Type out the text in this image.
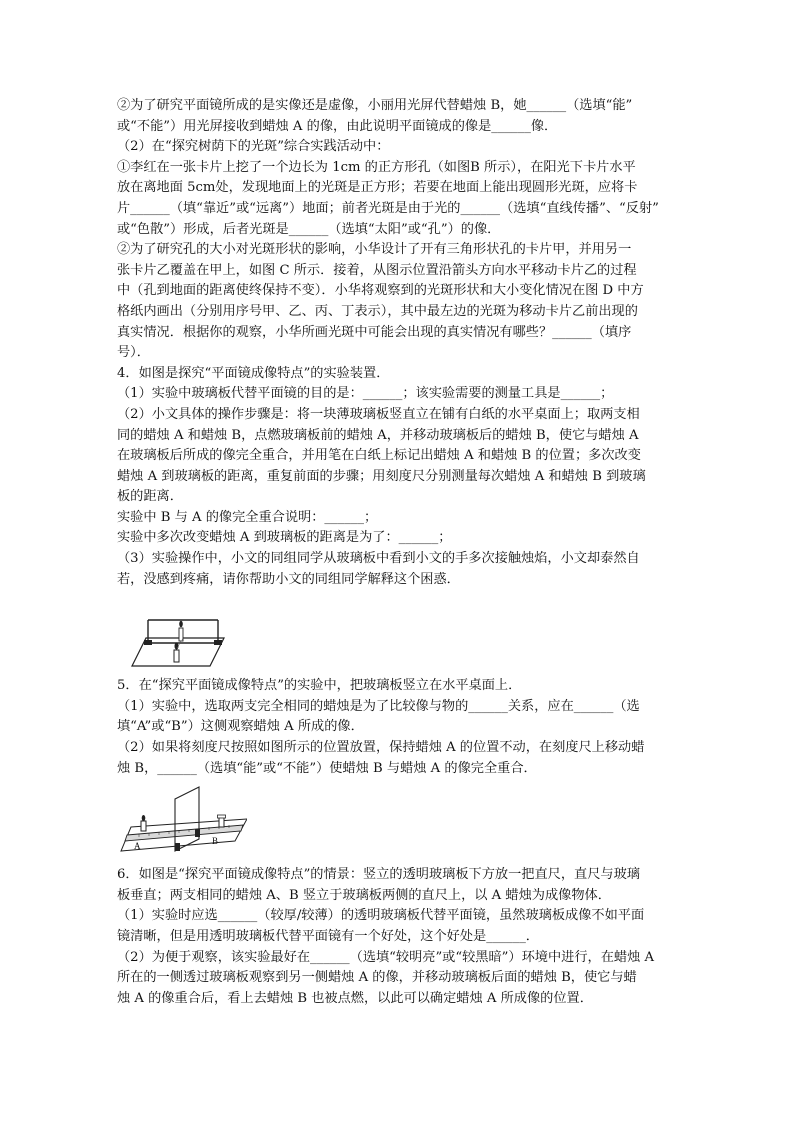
②为了研究平面镜所成的是实像还是虚像，小丽用光屏代替蜡烛 B，她______（选填“能”

或“不能”）用光屏接收到蜡烛 A 的像，由此说明平面镜成的像是______像．

（2）在“探究树荫下的光斑”综合实践活动中：

①李红在一张卡片上挖了一个边长为 1cm 的正方形孔（如图B 所示），在阳光下卡片水平

放在离地面 5cm处，发现地面上的光斑是正方形；若要在地面上能出现圆形光斑，应将卡

片______（填“靠近”或“远离”）地面；前者光斑是由于光的______（选填“直线传播”、“反射”

或“色散”）形成，后者光斑是______（选填“太阳”或“孔”）的像．

②为了研究孔的大小对光斑形状的影响，小华设计了开有三角形状孔的卡片甲，并用另一

张卡片乙覆盖在甲上，如图 C 所示．接着，从图示位置沿箭头方向水平移动卡片乙的过程

中（孔到地面的距离使终保持不变）．小华将观察到的光斑形状和大小变化情况在图 D 中方

格纸内画出（分别用序号甲、乙、丙、丁表示），其中最左边的光斑为移动卡片乙前出现的

真实情况．根据你的观察，小华所画光斑中可能会出现的真实情况有哪些？______（填序

号）．

4．如图是探究“平面镜成像特点”的实验装置．

（1）实验中玻璃板代替平面镜的目的是：______；该实验需要的测量工具是______；

（2）小文具体的操作步骤是：将一块薄玻璃板竖直立在铺有白纸的水平桌面上；取两支相

同的蜡烛 A 和蜡烛 B，点燃玻璃板前的蜡烛 A，并移动玻璃板后的蜡烛 B，使它与蜡烛 A

在玻璃板后所成的像完全重合，并用笔在白纸上标记出蜡烛 A 和蜡烛 B 的位置；多次改变

蜡烛 A 到玻璃板的距离，重复前面的步骤；用刻度尺分别测量每次蜡烛 A 和蜡烛 B 到玻璃

板的距离．

实验中 B 与 A 的像完全重合说明：______；

实验中多次改变蜡烛 A 到玻璃板的距离是为了：______；

（3）实验操作中，小文的同组同学从玻璃板中看到小文的手多次接触烛焰，小文却泰然自

若，没感到疼痛，请你帮助小文的同组同学解释这个困惑．

5．在“探究平面镜成像特点”的实验中，把玻璃板竖立在水平桌面上．

（1）实验中，选取两支完全相同的蜡烛是为了比较像与物的______关系，应在______（选

填“A”或“B”）这侧观察蜡烛 A 所成的像．

（2）如果将刻度尺按照如图所示的位置放置，保持蜡烛 A 的位置不动，在刻度尺上移动蜡

烛 B，______（选填“能”或“不能”）使蜡烛 B 与蜡烛 A 的像完全重合．

A	B

6．如图是“探究平面镜成像特点”的情景：竖立的透明玻璃板下方放一把直尺，直尺与玻璃

板垂直；两支相同的蜡烛 A、B 竖立于玻璃板两侧的直尺上，以 A 蜡烛为成像物体．

（1）实验时应选______（较厚/较薄）的透明玻璃板代替平面镜，虽然玻璃板成像不如平面

镜清晰，但是用透明玻璃板代替平面镜有一个好处，这个好处是______．

（2）为便于观察，该实验最好在______（选填“较明亮”或“较黑暗”）环境中进行，在蜡烛 A

所在的一侧透过玻璃板观察到另一侧蜡烛 A 的像，并移动玻璃板后面的蜡烛 B，使它与蜡

烛 A 的像重合后，看上去蜡烛 B 也被点燃，以此可以确定蜡烛 A 所成像的位置．
